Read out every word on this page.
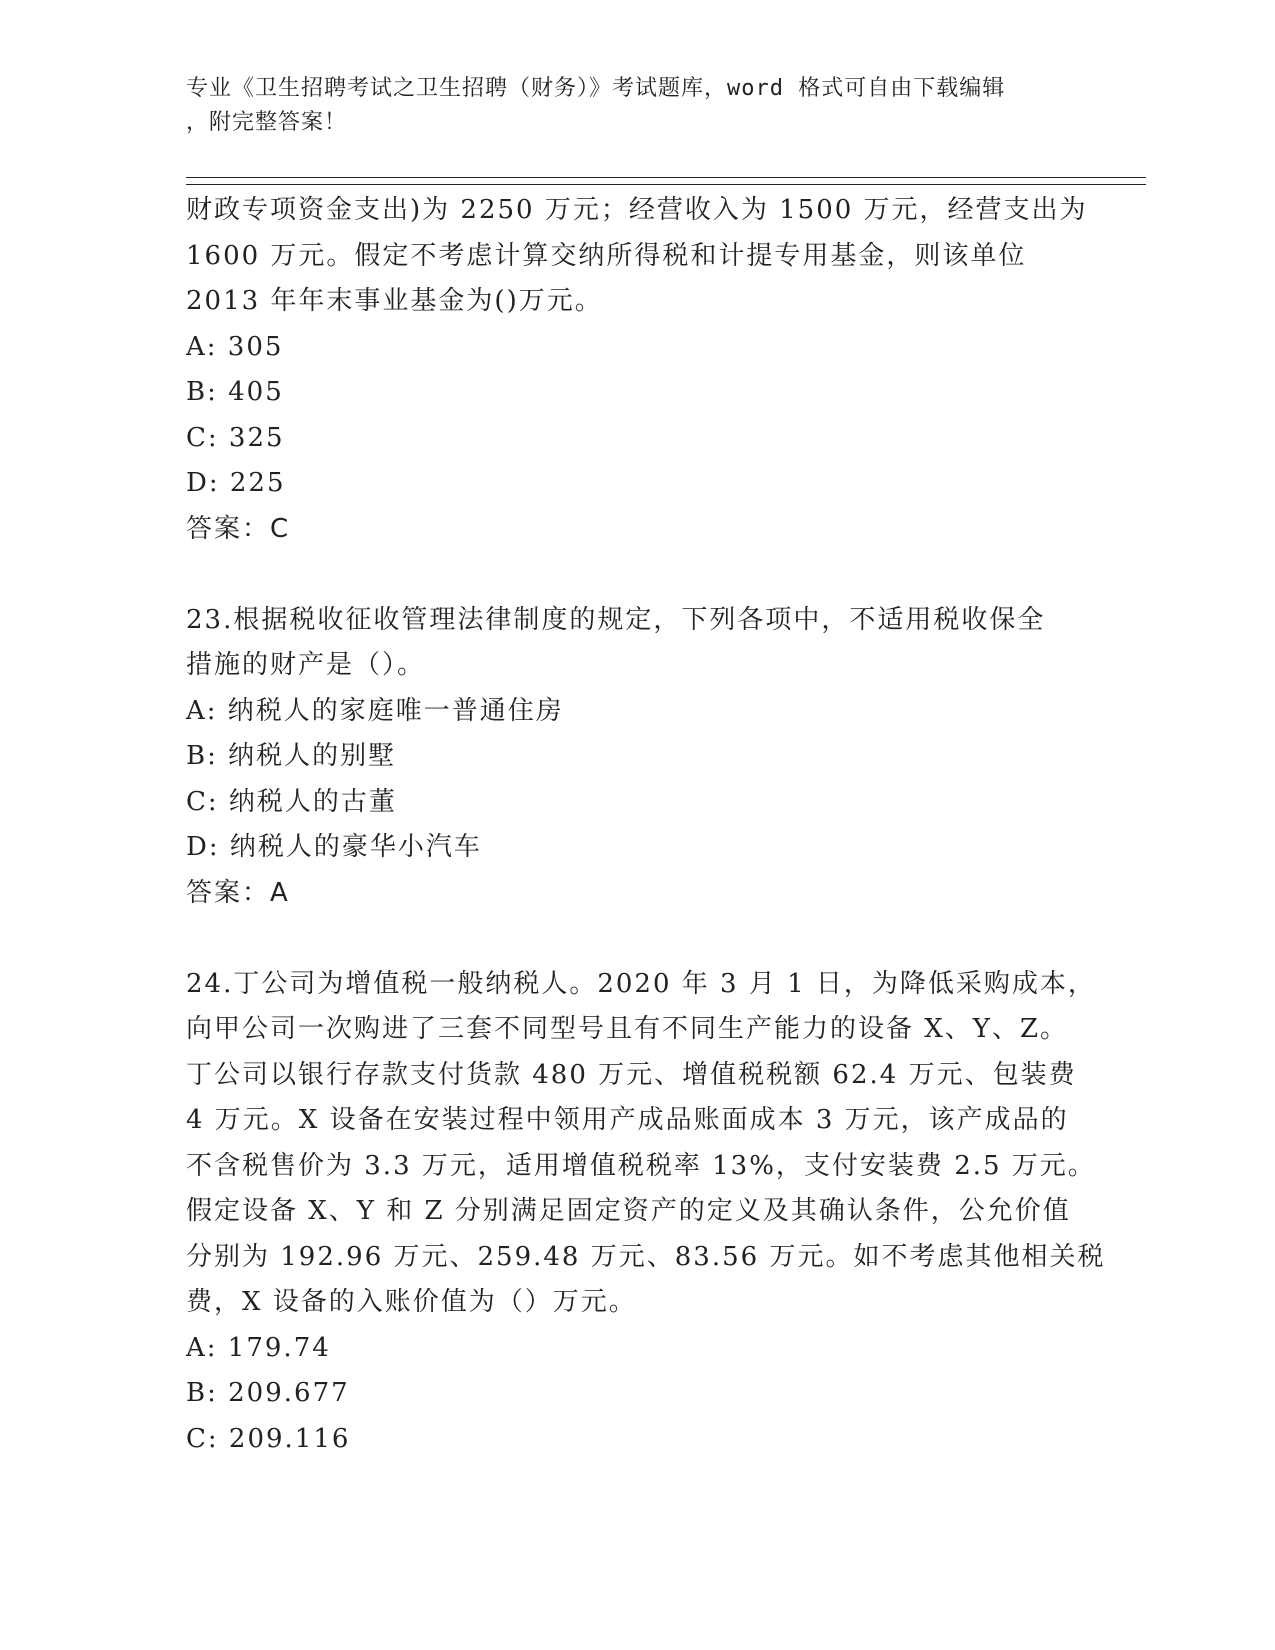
专业《卫生招聘考试之卫生招聘（财务）》考试题库，word 格式可自由下载编辑
，附完整答案！
财政专项资金支出)为 2250 万元；经营收入为 1500 万元，经营支出为
1600 万元。假定不考虑计算交纳所得税和计提专用基金，则该单位
2013 年年末事业基金为()万元。
A: 305
B: 405
C: 325
D: 225
答案：C
23.根据税收征收管理法律制度的规定，下列各项中，不适用税收保全
措施的财产是（）。
A: 纳税人的家庭唯一普通住房
B: 纳税人的别墅
C: 纳税人的古董
D: 纳税人的豪华小汽车
答案：A
24.丁公司为增值税一般纳税人。2020 年 3 月 1 日，为降低采购成本，
向甲公司一次购进了三套不同型号且有不同生产能力的设备 X、Y、Z。
丁公司以银行存款支付货款 480 万元、增值税税额 62.4 万元、包装费
4 万元。X 设备在安装过程中领用产成品账面成本 3 万元，该产成品的
不含税售价为 3.3 万元，适用增值税税率 13%，支付安装费 2.5 万元。
假定设备 X、Y 和 Z 分别满足固定资产的定义及其确认条件，公允价值
分别为 192.96 万元、259.48 万元、83.56 万元。如不考虑其他相关税
费，X 设备的入账价值为（）万元。
A: 179.74
B: 209.677
C: 209.116
